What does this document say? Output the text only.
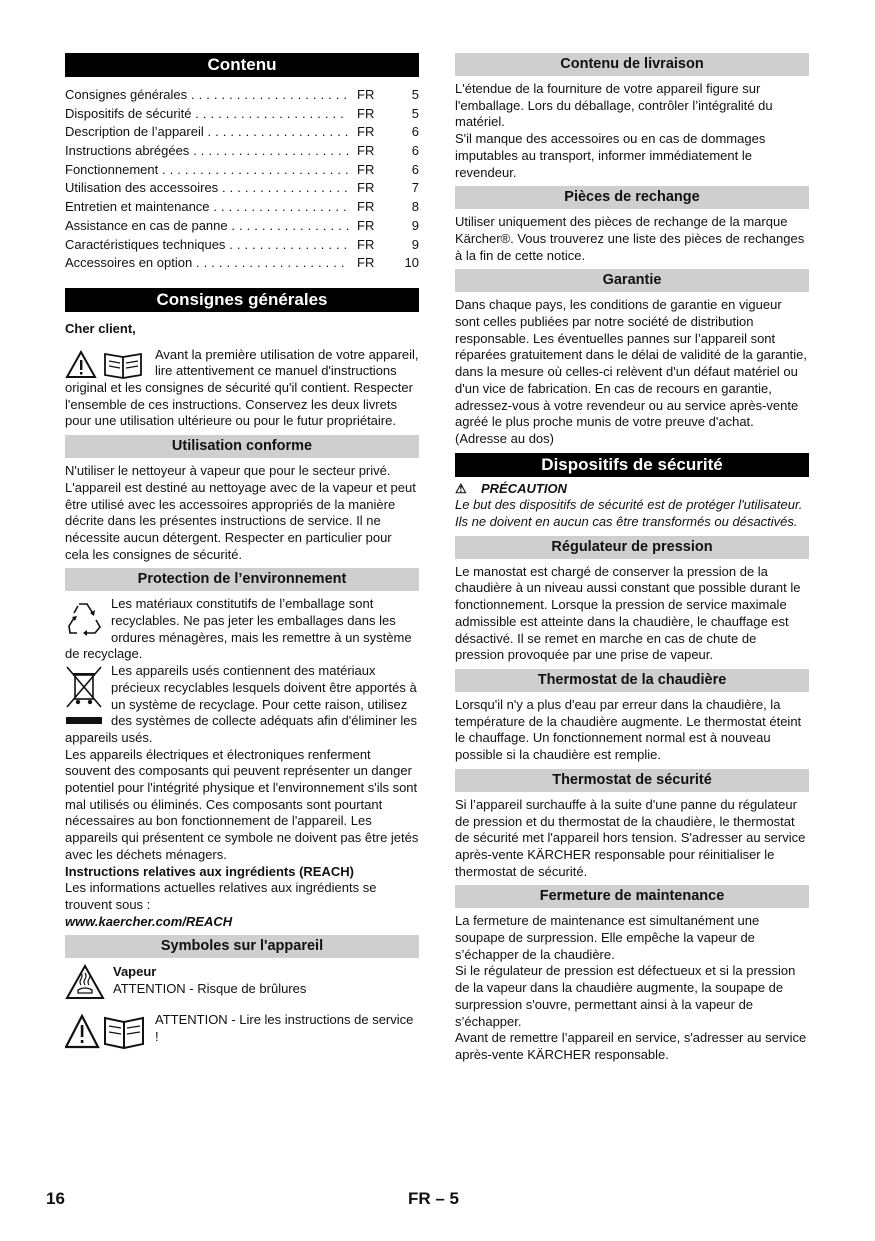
Contenu
Consignes générales . . .	FR	5
Dispositifs de sécurité . . .	FR	5
Description de l’appareil . . .	FR	6
Instructions abrégées . . .	FR	6
Fonctionnement . . .	FR	6
Utilisation des accessoires . . .	FR	7
Entretien et maintenance . . .	FR	8
Assistance en cas de panne . . .	FR	9
Caractéristiques techniques . . .	FR	9
Accessoires en option . . .	FR	10
Consignes générales

Cher client,

Avant la première utilisation de votre appareil, lire attentivement ce manuel d'instructions original et les consignes de sécurité qu'il contient. Respecter l'ensemble de ces instructions. Conservez les deux livrets pour une utilisation ultérieure ou pour le futur propriétaire.

Utilisation conforme

N'utiliser le nettoyeur à vapeur que pour le secteur privé.

L'appareil est destiné au nettoyage avec de la vapeur et peut être utilisé avec les accessoires appropriés de la manière décrite dans les présentes instructions de service. Il ne nécessite aucun détergent. Respecter en particulier pour cela les consignes de sécurité.

Protection de l’environnement

Les matériaux constitutifs de l’emballage sont recyclables. Ne pas jeter les emballages dans les ordures ménagères, mais les remettre à un système de recyclage.

Les appareils usés contiennent des matériaux précieux recyclables lesquels doivent être apportés à un système de recyclage. Pour cette raison, utilisez des systèmes de collecte adéquats afin d'éliminer les appareils usés.

Les appareils électriques et électroniques renferment souvent des composants qui peuvent représenter un danger potentiel pour l'intégrité physique et l'environnement s'ils sont mal utilisés ou éliminés. Ces composants sont pourtant nécessaires au bon fonctionnement de l'appareil. Les appareils qui présentent ce symbole ne doivent pas être jetés avec les déchets ménagers.

Instructions relatives aux ingrédients (REACH)

Les informations actuelles relatives aux ingrédients se trouvent sous :

www.kaercher.com/REACH

Symboles sur l'appareil

Vapeur

ATTENTION - Risque de brûlures

ATTENTION - Lire les instructions de service !

Contenu de livraison

L'étendue de la fourniture de votre appareil figure sur l'emballage. Lors du déballage, contrôler l’intégralité du matériel.

S'il manque des accessoires ou en cas de dommages imputables au transport, informer immédiatement le revendeur.

Pièces de rechange

Utiliser uniquement des pièces de rechange de la marque Kärcher®. Vous trouverez une liste des pièces de rechanges à la fin de cette notice.

Garantie

Dans chaque pays, les conditions de garantie en vigueur sont celles publiées par notre société de distribution responsable. Les éventuelles pannes sur l’appareil sont réparées gratuitement dans le délai de validité de la garantie, dans la mesure où celles-ci relèvent d'un défaut matériel ou d'un vice de fabrication. En cas de recours en garantie, adressez-vous à votre revendeur ou au service après-vente agréé le plus proche munis de votre preuve d'achat.

(Adresse au dos)

Dispositifs de sécurité

⚠ PRÉCAUTION

Le but des dispositifs de sécurité est de protéger l'utilisateur. Ils ne doivent en aucun cas être transformés ou désactivés.

Régulateur de pression

Le manostat est chargé de conserver la pression de la chaudière à un niveau aussi constant que possible durant le fonctionnement. Lorsque la pression de service maximale admissible est atteinte dans la chaudière, le chauffage est désactivé. Il se remet en marche en cas de chute de pression provoquée par une prise de vapeur.

Thermostat de la chaudière

Lorsqu'il n'y a plus d'eau par erreur dans la chaudière, la température de la chaudière augmente. Le thermostat éteint le chauffage. Un fonctionnement normal est à nouveau possible si la chaudière est remplie.

Thermostat de sécurité

Si l’appareil surchauffe à la suite d'une panne du régulateur de pression et du thermostat de la chaudière, le thermostat de sécurité met l'appareil hors tension. S'adresser au service après-vente KÄRCHER responsable pour réinitialiser le thermostat de sécurité.

Fermeture de maintenance

La fermeture de maintenance est simultanément une soupape de surpression. Elle empêche la vapeur de s’échapper de la chaudière.

Si le régulateur de pression est défectueux et si la pression de la vapeur dans la chaudière augmente, la soupape de surpression s'ouvre, permettant ainsi à la vapeur de s’échapper.

Avant de remettre l’appareil en service, s'adresser au service après-vente KÄRCHER responsable.

16	FR – 5
